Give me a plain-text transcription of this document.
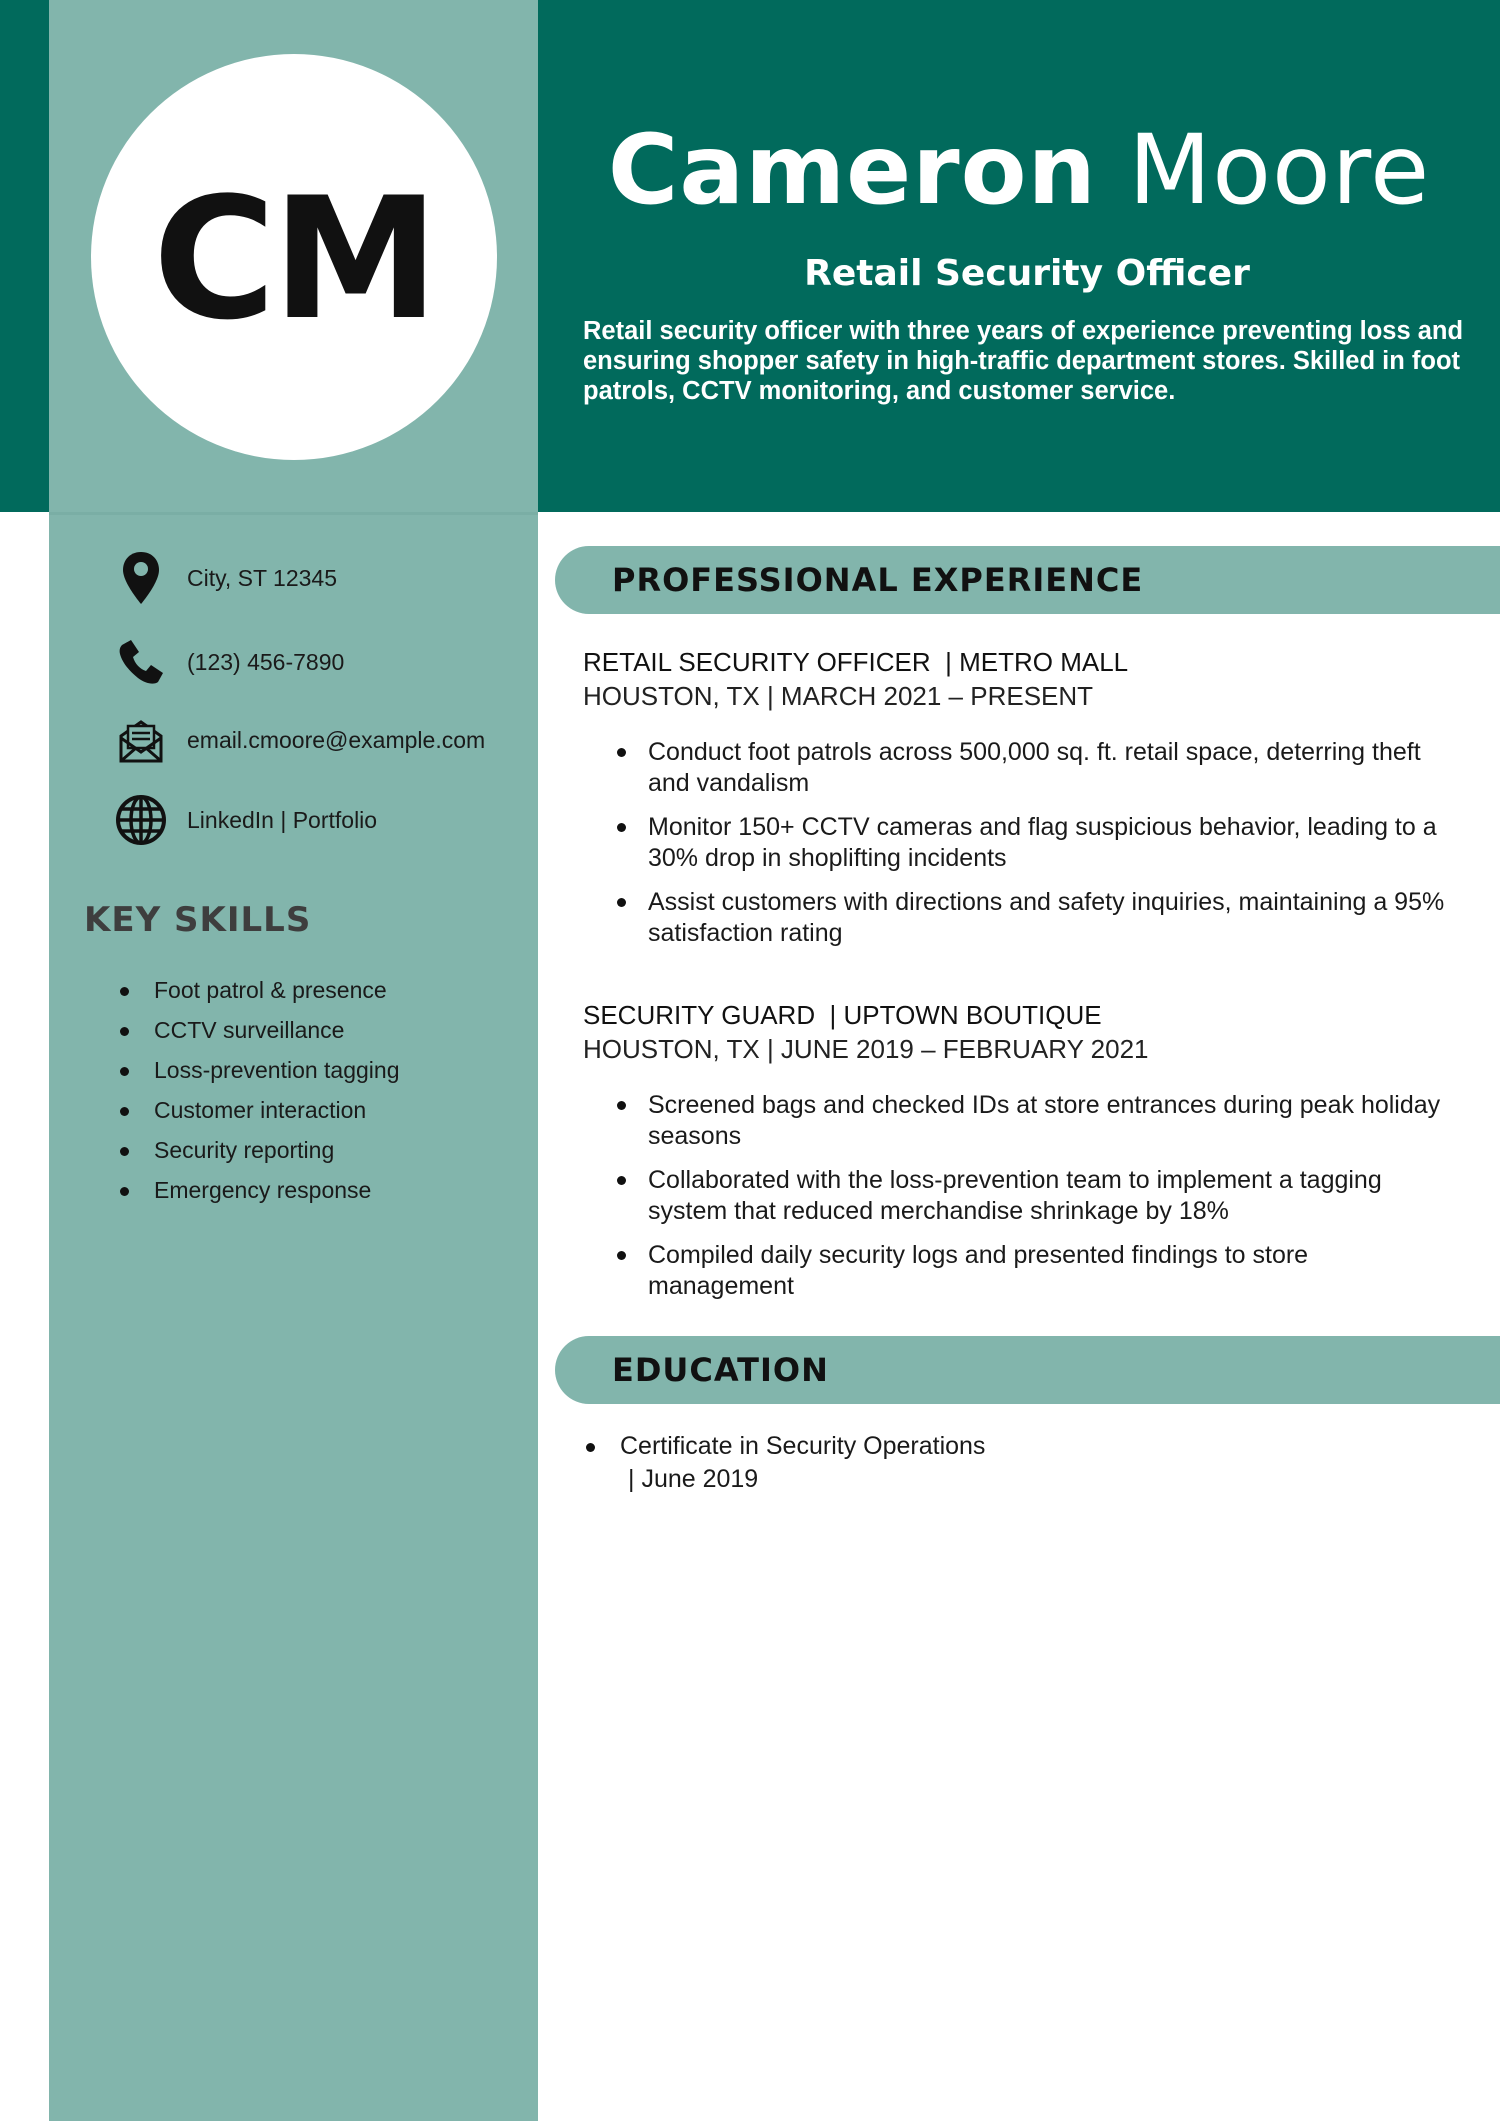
CM	Cameron Moore
Retail Security Officer

Retail security officer with three years of experience preventing loss and ensuring shopper safety in high-traffic department stores. Skilled in foot patrols, CCTV monitoring, and customer service.

City, ST 12345
(123) 456-7890
email.cmoore@example.com
LinkedIn | Portfolio
KEY SKILLS
Foot patrol & presence
CCTV surveillance
Loss-prevention tagging
Customer interaction
Security reporting
Emergency response
PROFESSIONAL EXPERIENCE
RETAIL SECURITY OFFICER  | METRO MALL
HOUSTON, TX | MARCH 2021 – PRESENT
Conduct foot patrols across 500,000 sq. ft. retail space, deterring theft and vandalism
Monitor 150+ CCTV cameras and flag suspicious behavior, leading to a 30% drop in shoplifting incidents
Assist customers with directions and safety inquiries, maintaining a 95% satisfaction rating
SECURITY GUARD  | UPTOWN BOUTIQUE
HOUSTON, TX | JUNE 2019 – FEBRUARY 2021
Screened bags and checked IDs at store entrances during peak holiday seasons
Collaborated with the loss-prevention team to implement a tagging system that reduced merchandise shrinkage by 18%
Compiled daily security logs and presented findings to store management
EDUCATION
Certificate in Security Operations
| June 2019
